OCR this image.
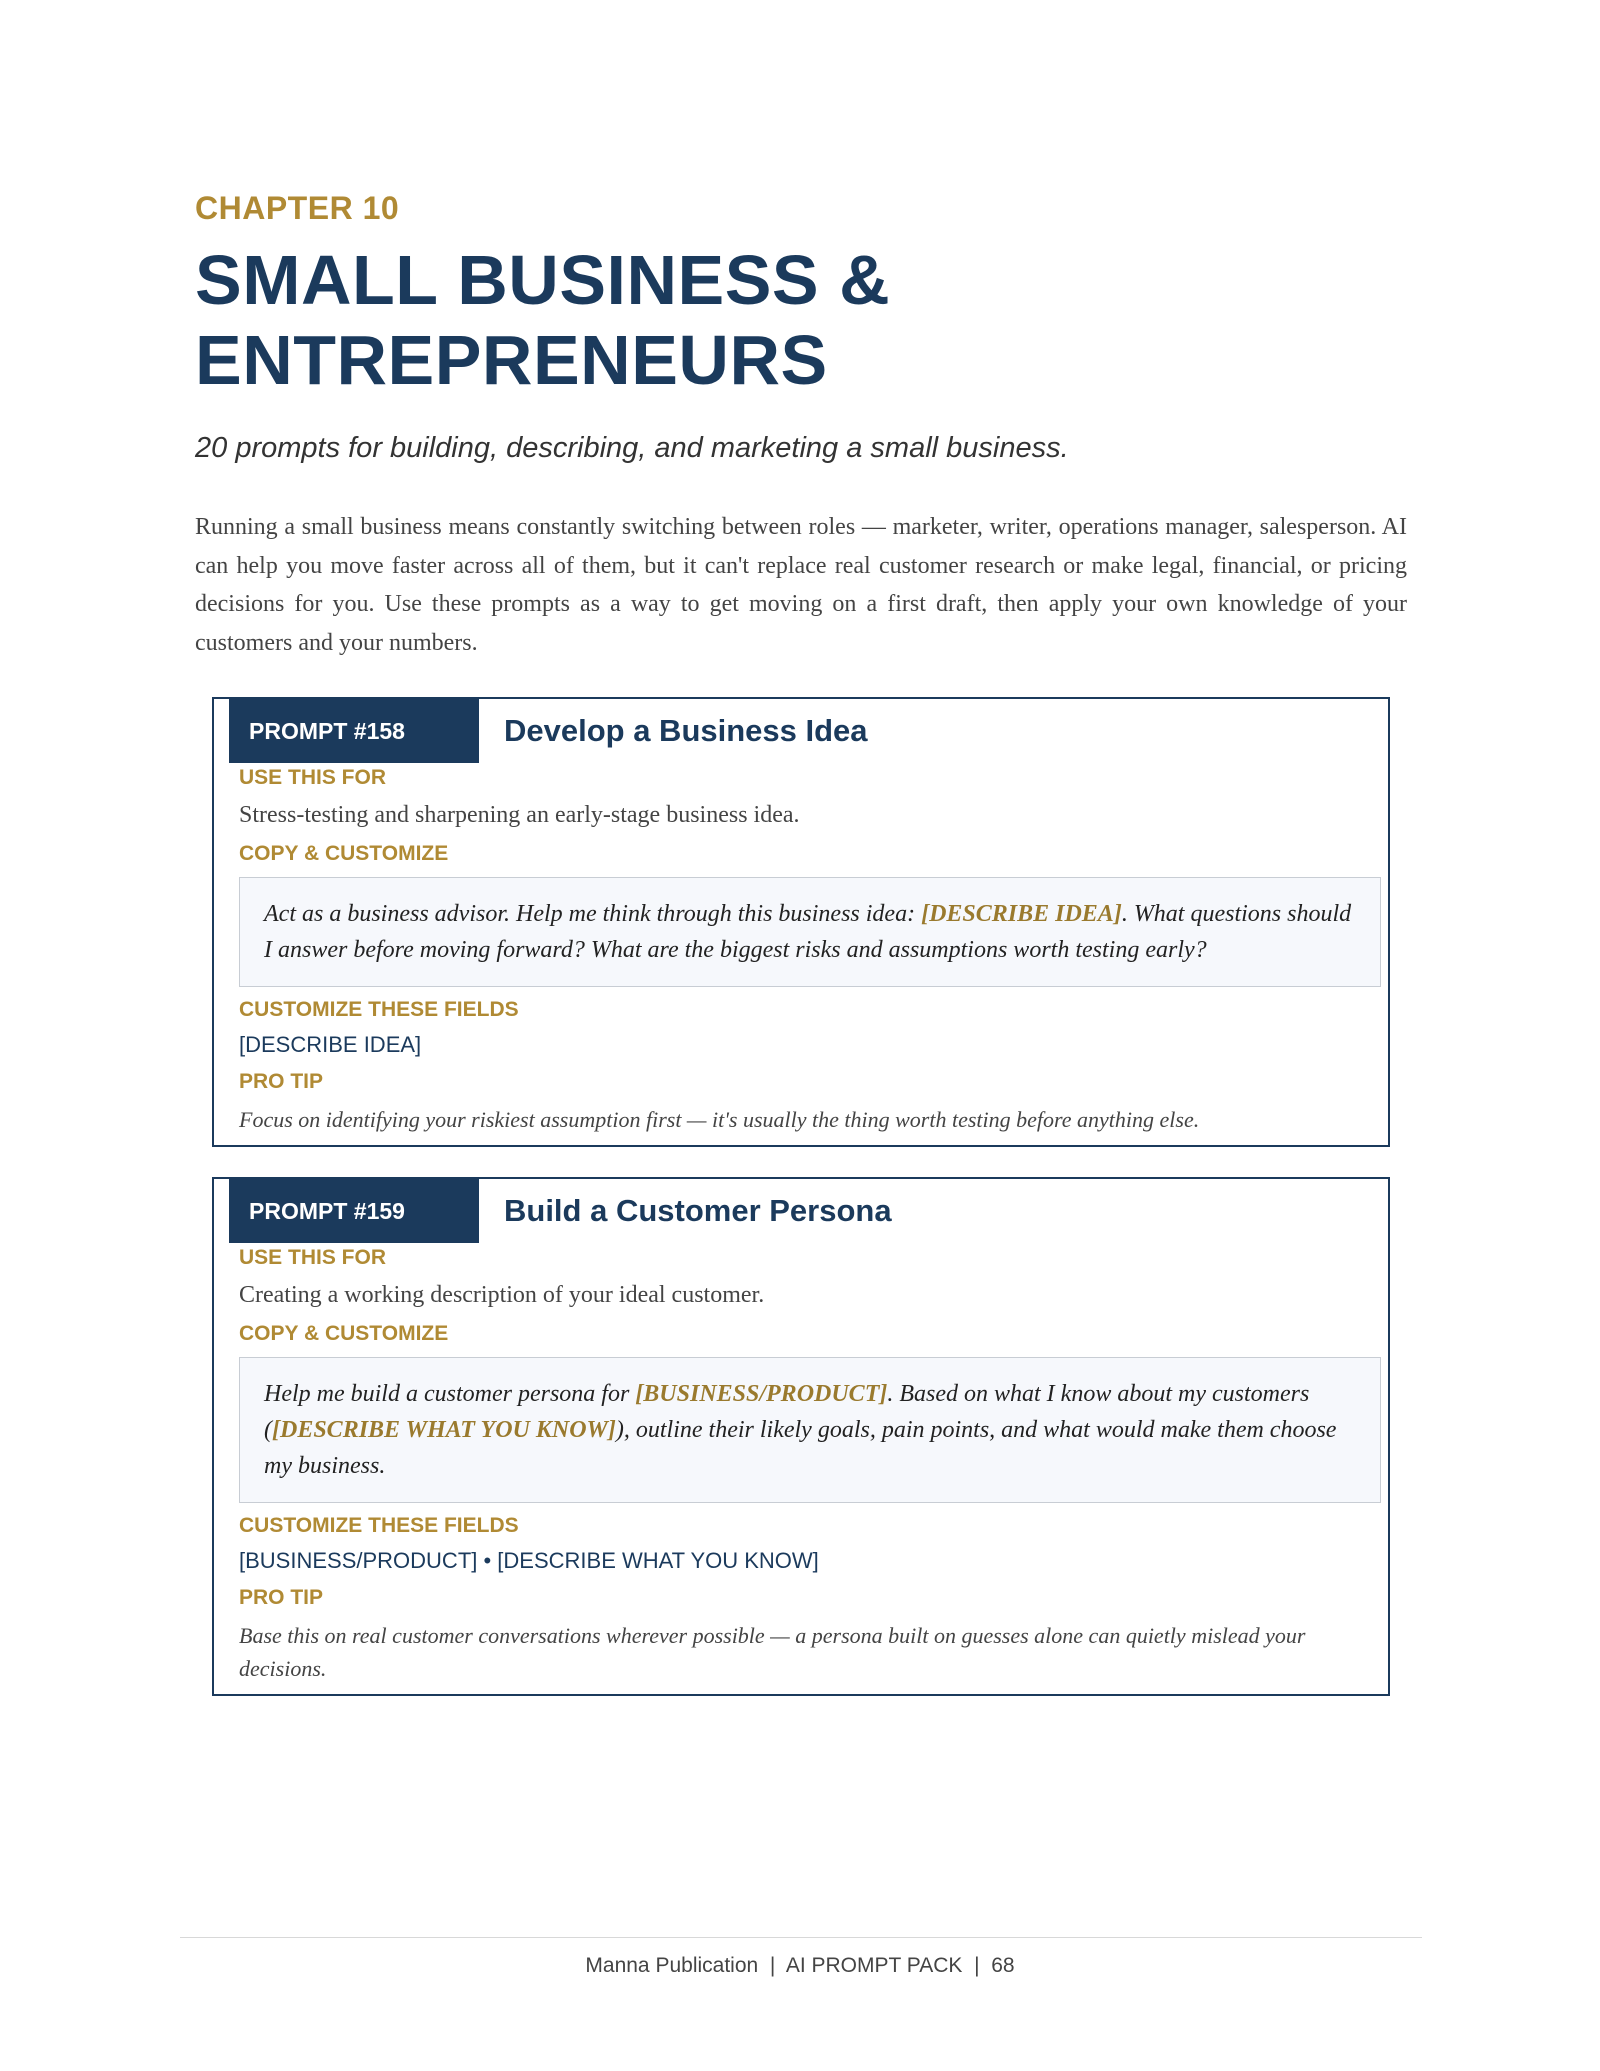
CHAPTER 10

SMALL BUSINESS &
ENTREPRENEURS

20 prompts for building, describing, and marketing a small business.

Running a small business means constantly switching between roles — marketer, writer, operations manager, salesperson. AI can help you move faster across all of them, but it can't replace real customer research or make legal, financial, or pricing decisions for you. Use these prompts as a way to get moving on a first draft, then apply your own knowledge of your customers and your numbers.

PROMPT #158	Develop a Business Idea

USE THIS FOR

Stress-testing and sharpening an early-stage business idea.

COPY & CUSTOMIZE

Act as a business advisor. Help me think through this business idea: [DESCRIBE IDEA]. What questions should I answer before moving forward? What are the biggest risks and assumptions worth testing early?

CUSTOMIZE THESE FIELDS

[DESCRIBE IDEA]

PRO TIP

Focus on identifying your riskiest assumption first — it's usually the thing worth testing before anything else.

PROMPT #159	Build a Customer Persona

USE THIS FOR

Creating a working description of your ideal customer.

COPY & CUSTOMIZE

Help me build a customer persona for [BUSINESS/PRODUCT]. Based on what I know about my customers ([DESCRIBE WHAT YOU KNOW]), outline their likely goals, pain points, and what would make them choose my business.

CUSTOMIZE THESE FIELDS

[BUSINESS/PRODUCT] • [DESCRIBE WHAT YOU KNOW]

PRO TIP

Base this on real customer conversations wherever possible — a persona built on guesses alone can quietly mislead your decisions.

Manna Publication  |  AI PROMPT PACK  |  68
